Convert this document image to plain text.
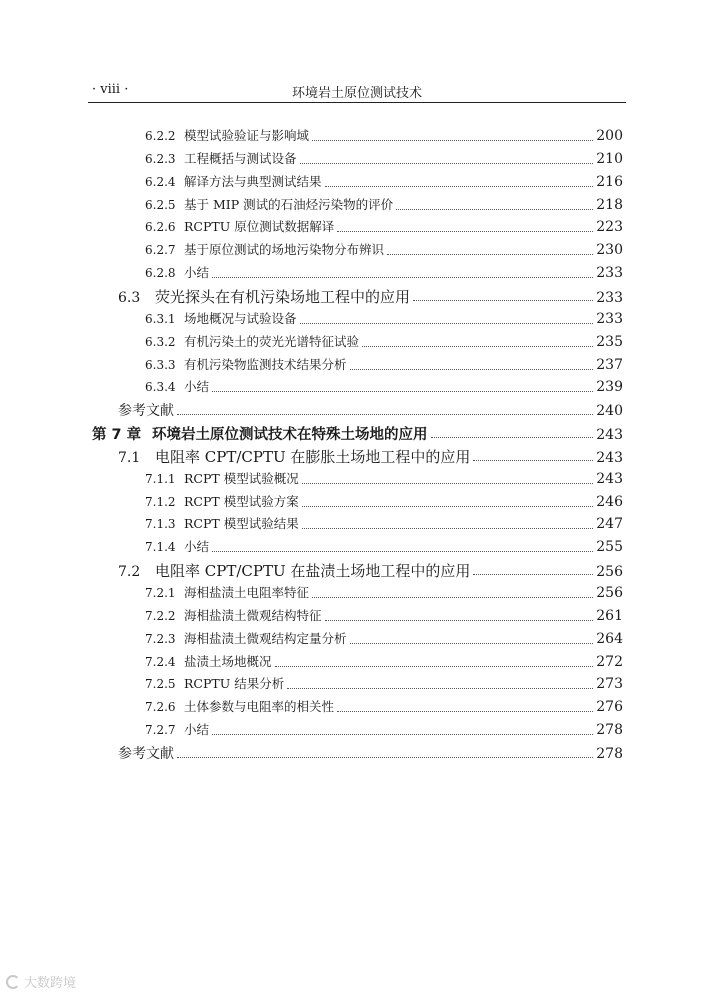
· viii ·	环境岩土原位测试技术
6.2.2 模型试验验证与影响域	200
6.2.3 工程概括与测试设备	210
6.2.4 解译方法与典型测试结果	216
6.2.5 基于 MIP 测试的石油烃污染物的评价	218
6.2.6 RCPTU 原位测试数据解译	223
6.2.7 基于原位测试的场地污染物分布辨识	230
6.2.8 小结	233
6.3 荧光探头在有机污染场地工程中的应用	233
6.3.1 场地概况与试验设备	233
6.3.2 有机污染土的荧光光谱特征试验	235
6.3.3 有机污染物监测技术结果分析	237
6.3.4 小结	239
参考文献	240
第 7 章 环境岩土原位测试技术在特殊土场地的应用	243
7.1 电阻率 CPT/CPTU 在膨胀土场地工程中的应用	243
7.1.1 RCPT 模型试验概况	243
7.1.2 RCPT 模型试验方案	246
7.1.3 RCPT 模型试验结果	247
7.1.4 小结	255
7.2 电阻率 CPT/CPTU 在盐渍土场地工程中的应用	256
7.2.1 海相盐渍土电阻率特征	256
7.2.2 海相盐渍土微观结构特征	261
7.2.3 海相盐渍土微观结构定量分析	264
7.2.4 盐渍土场地概况	272
7.2.5 RCPTU 结果分析	273
7.2.6 土体参数与电阻率的相关性	276
7.2.7 小结	278
参考文献	278
大数跨境
